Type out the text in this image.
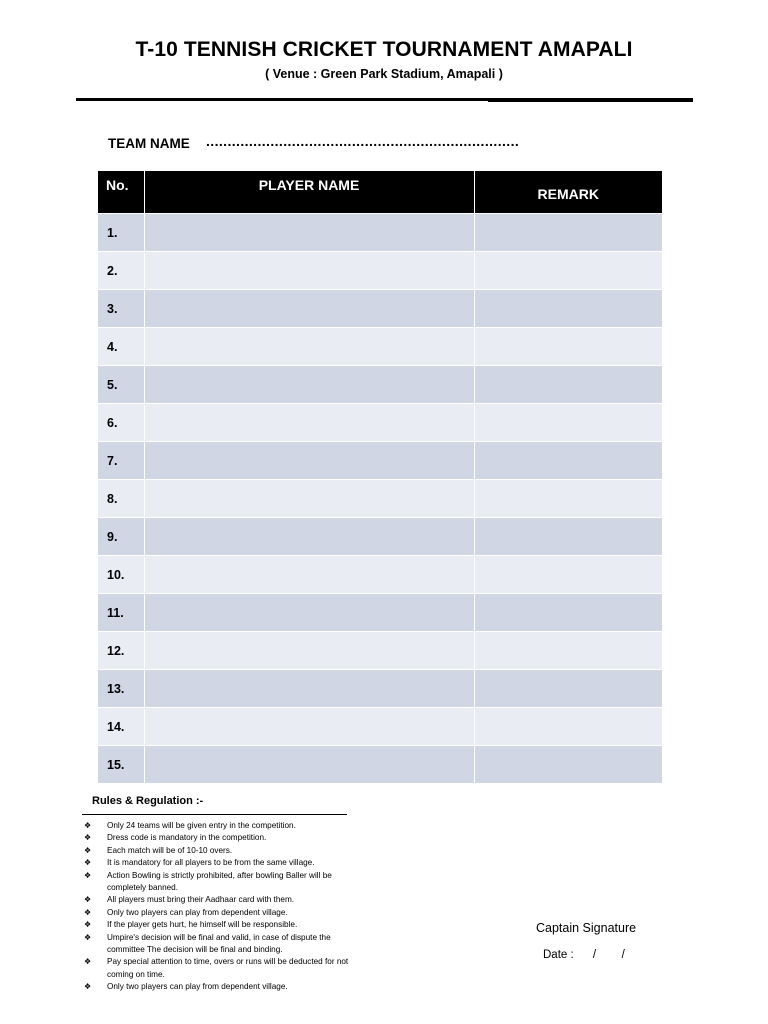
T-10 TENNISH CRICKET TOURNAMENT AMAPALI
( Venue : Green Park Stadium, Amapali )
TEAM NAME .........................................................................
No.	PLAYER NAME	REMARK
1.		
2.		
3.		
4.		
5.		
6.		
7.		
8.		
9.		
10.		
11.		
12.		
13.		
14.		
15.		
Rules & Regulation :-
❖ Only 24 teams will be given entry in the competition.
❖ Dress code is mandatory in the competition.
❖ Each match will be of 10-10 overs.
❖ It is mandatory for all players to be from the same village.
❖ Action Bowling is strictly prohibited, after bowling Baller will be completely banned.
❖ All players must bring their Aadhaar card with them.
❖ Only two players can play from dependent village.
❖ If the player gets hurt, he himself will be responsible.
❖ Umpire's decision will be final and valid, in case of dispute the committee The decision will be final and binding.
❖ Pay special attention to time, overs or runs will be deducted for not coming on time.
❖ Only two players can play from dependent village.
Captain Signature
Date :      /        /
